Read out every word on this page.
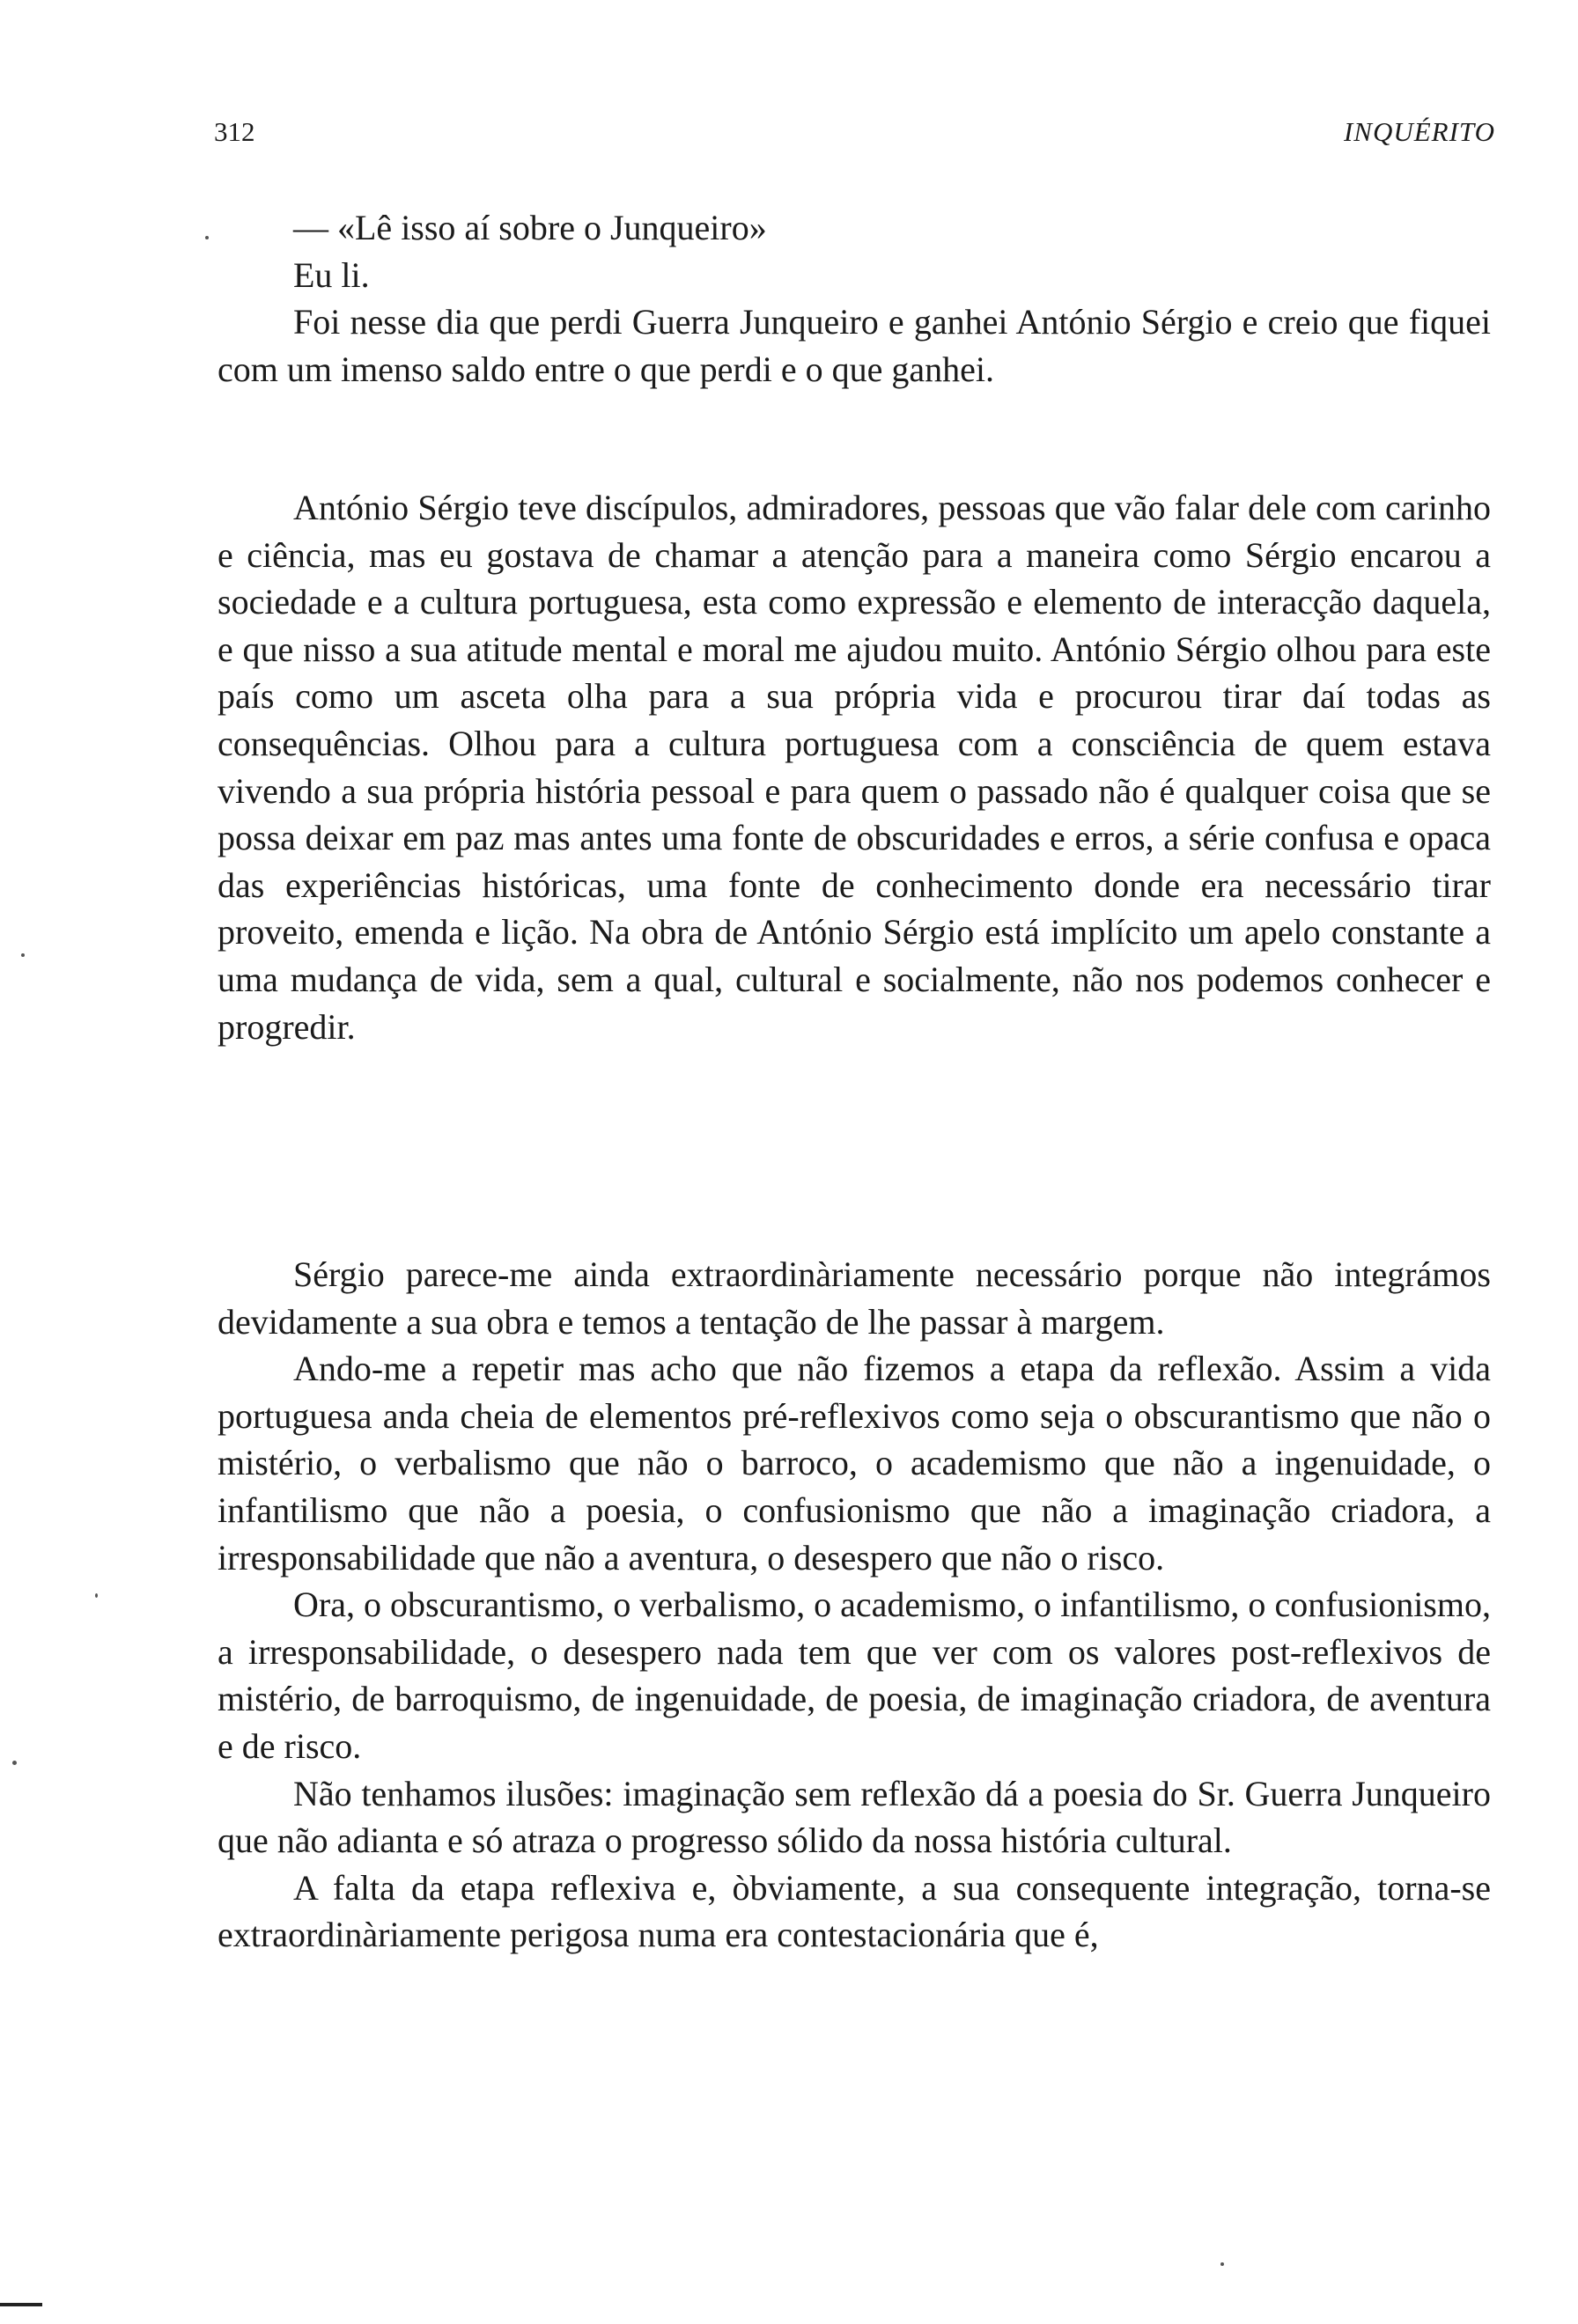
312	INQUÉRITO

— «Lê isso aí sobre o Junqueiro»

Eu li.

Foi nesse dia que perdi Guerra Junqueiro e ganhei António Sérgio e creio que fiquei com um imenso saldo entre o que perdi e o que ganhei.

António Sérgio teve discípulos, admiradores, pessoas que vão falar dele com carinho e ciência, mas eu gostava de chamar a atenção para a maneira como Sérgio encarou a sociedade e a cultura portuguesa, esta como expressão e elemento de interacção daquela, e que nisso a sua atitude mental e moral me ajudou muito. António Sérgio olhou para este país como um asceta olha para a sua própria vida e procurou tirar daí todas as consequências. Olhou para a cultura portuguesa com a consciência de quem estava vivendo a sua própria história pessoal e para quem o passado não é qualquer coisa que se possa deixar em paz mas antes uma fonte de obscuridades e erros, a série confusa e opaca das experiências históricas, uma fonte de conhecimento donde era necessário tirar proveito, emenda e lição. Na obra de António Sérgio está implícito um apelo constante a uma mudança de vida, sem a qual, cultural e socialmente, não nos podemos conhecer e progredir.

Sérgio parece-me ainda extraordinàriamente necessário porque não integrámos devidamente a sua obra e temos a tentação de lhe passar à margem.

Ando-me a repetir mas acho que não fizemos a etapa da reflexão. Assim a vida portuguesa anda cheia de elementos pré-reflexivos como seja o obscurantismo que não o mistério, o verbalismo que não o barroco, o academismo que não a ingenuidade, o infantilismo que não a poesia, o confusionismo que não a imaginação criadora, a irresponsabilidade que não a aventura, o desespero que não o risco.

Ora, o obscurantismo, o verbalismo, o academismo, o infantilismo, o confusionismo, a irresponsabilidade, o desespero nada tem que ver com os valores post-reflexivos de mistério, de barroquismo, de ingenuidade, de poesia, de imaginação criadora, de aventura e de risco.

Não tenhamos ilusões: imaginação sem reflexão dá a poesia do Sr. Guerra Junqueiro que não adianta e só atraza o progresso sólido da nossa história cultural.

A falta da etapa reflexiva e, òbviamente, a sua consequente integração, torna-se extraordinàriamente perigosa numa era contestacionária que é,
